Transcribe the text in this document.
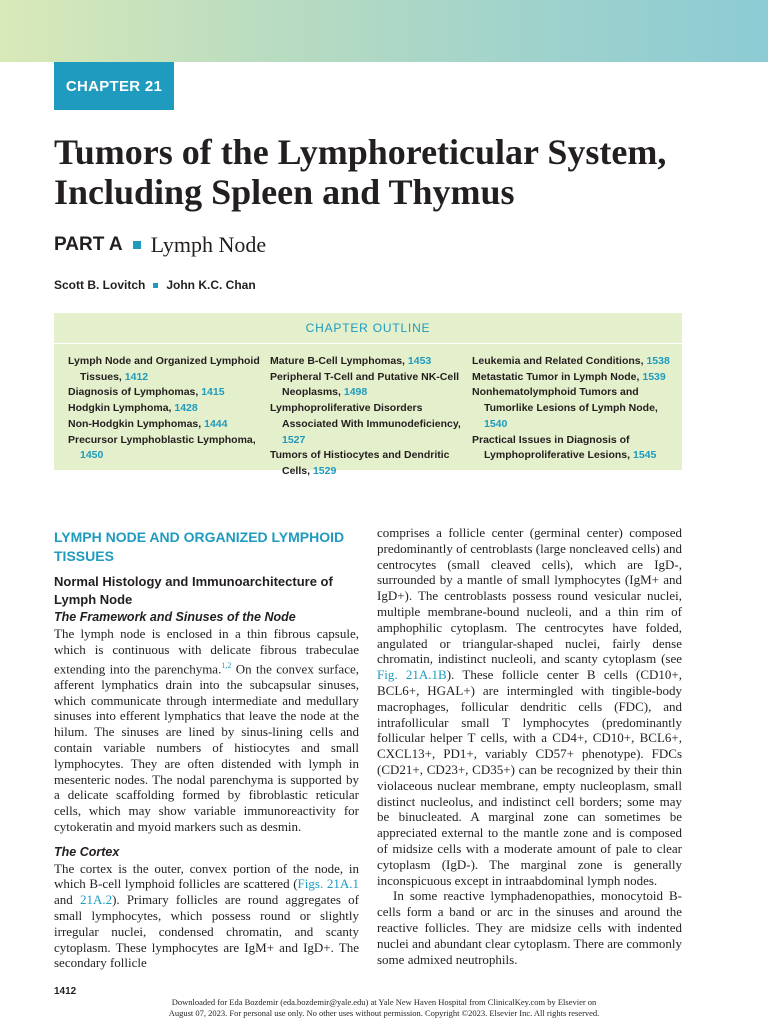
CHAPTER 21
Tumors of the Lymphoreticular System, Including Spleen and Thymus
PART A Lymph Node
Scott B. Lovitch John K.C. Chan
CHAPTER OUTLINE
Lymph Node and Organized Lymphoid Tissues, 1412
Diagnosis of Lymphomas, 1415
Hodgkin Lymphoma, 1428
Non-Hodgkin Lymphomas, 1444
Precursor Lymphoblastic Lymphoma, 1450
Mature B-Cell Lymphomas, 1453
Peripheral T-Cell and Putative NK-Cell Neoplasms, 1498
Lymphoproliferative Disorders Associated With Immunodeficiency, 1527
Tumors of Histiocytes and Dendritic Cells, 1529
Leukemia and Related Conditions, 1538
Metastatic Tumor in Lymph Node, 1539
Nonhematolymphoid Tumors and Tumorlike Lesions of Lymph Node, 1540
Practical Issues in Diagnosis of Lymphoproliferative Lesions, 1545
LYMPH NODE AND ORGANIZED LYMPHOID TISSUES
Normal Histology and Immunoarchitecture of Lymph Node
The Framework and Sinuses of the Node

The lymph node is enclosed in a thin fibrous capsule, which is continuous with delicate fibrous trabeculae extending into the parenchyma.$^{1,2}$ On the convex surface, afferent lymphatics drain into the subcapsular sinuses, which communicate through intermediate and medullary sinuses into efferent lymphatics that leave the node at the hilum. The sinuses are lined by sinus-lining cells and contain variable numbers of histiocytes and small lymphocytes. They are often distended with lymph in mesenteric nodes. The nodal parenchyma is supported by a delicate scaffolding formed by fibroblastic reticular cells, which may show variable immunoreactivity for cytokeratin and myoid markers such as desmin.

The Cortex

The cortex is the outer, convex portion of the node, in which B-cell lymphoid follicles are scattered (Figs. 21A.1 and 21A.2). Primary follicles are round aggregates of small lymphocytes, which possess round or slightly irregular nuclei, condensed chromatin, and scanty cytoplasm. These lymphocytes are IgM+ and IgD+. The secondary follicle

comprises a follicle center (germinal center) composed predominantly of centroblasts (large noncleaved cells) and centrocytes (small cleaved cells), which are IgD-, surrounded by a mantle of small lymphocytes (IgM+ and IgD+). The centroblasts possess round vesicular nuclei, multiple membrane-bound nucleoli, and a thin rim of amphophilic cytoplasm. The centrocytes have folded, angulated or triangular-shaped nuclei, fairly dense chromatin, indistinct nucleoli, and scanty cytoplasm (see Fig. 21A.1B). These follicle center B cells (CD10+, BCL6+, HGAL+) are intermingled with tingible-body macrophages, follicular dendritic cells (FDC), and intrafollicular small T lymphocytes (predominantly follicular helper T cells, with a CD4+, CD10+, BCL6+, CXCL13+, PD1+, variably CD57+ phenotype). FDCs (CD21+, CD23+, CD35+) can be recognized by their thin violaceous nuclear membrane, empty nucleoplasm, small distinct nucleolus, and indistinct cell borders; some may be binucleated. A marginal zone can sometimes be appreciated external to the mantle zone and is composed of midsize cells with a moderate amount of pale to clear cytoplasm (IgD-). The marginal zone is generally inconspicuous except in intraabdominal lymph nodes.

In some reactive lymphadenopathies, monocytoid B-cells form a band or arc in the sinuses and around the reactive follicles. They are midsize cells with indented nuclei and abundant clear cytoplasm. There are commonly some admixed neutrophils.

1412
Downloaded for Eda Bozdemir (eda.bozdemir@yale.edu) at Yale New Haven Hospital from ClinicalKey.com by Elsevier on
August 07, 2023. For personal use only. No other uses without permission. Copyright ©2023. Elsevier Inc. All rights reserved.
